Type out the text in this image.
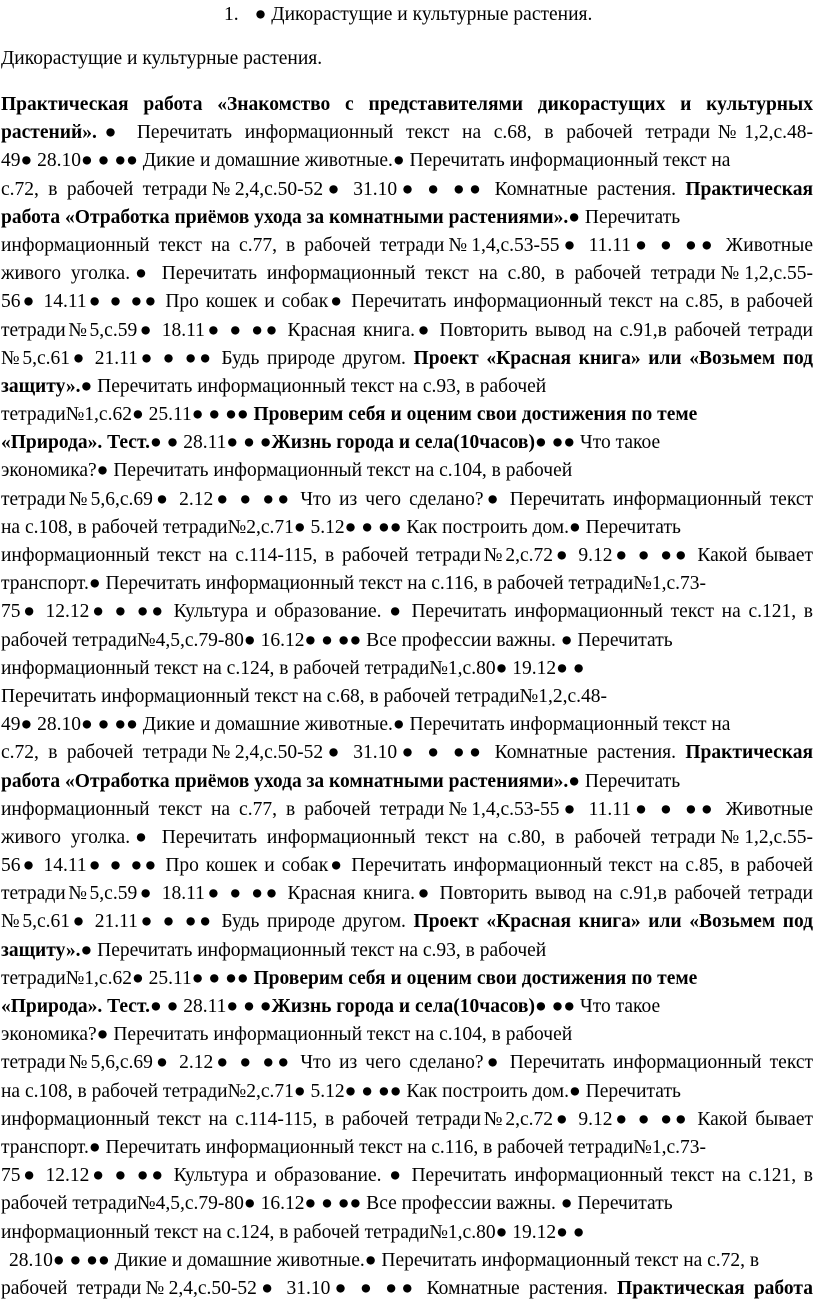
1. ● Дикорастущие и культурные растения.
Дикорастущие и культурные растения.
Практическая работа «Знакомство с представителями дикорастущих и культурных
растений».● Перечитать информационный текст на с.68, в рабочей тетради№1,2,с.48-
49● 28.10● ● ●● Дикие и домашние животные.● Перечитать информационный текст на
с.72, в рабочей тетради№2,4,с.50-52● 31.10● ● ●● Комнатные растения. Практическая
работа «Отработка приёмов ухода за комнатными растениями».● Перечитать
информационный текст на с.77, в рабочей тетради№1,4,с.53-55● 11.11● ● ●● Животные
живого уголка.● Перечитать информационный текст на с.80, в рабочей тетради№1,2,с.55-
56● 14.11● ● ●● Про кошек и собак● Перечитать информационный текст на с.85, в рабочей
тетради№5,с.59● 18.11● ● ●● Красная книга.● Повторить вывод на с.91,в рабочей тетради
№5,с.61● 21.11● ● ●● Будь природе другом. Проект «Красная книга» или «Возьмем под
защиту».● Перечитать информационный текст на с.93, в рабочей
тетради№1,с.62● 25.11● ● ●● Проверим себя и оценим свои достижения по теме
«Природа». Тест.● ● 28.11● ● ●Жизнь города и села(10часов)● ●● Что такое
экономика?● Перечитать информационный текст на с.104, в рабочей
тетради№5,6,с.69● 2.12● ● ●● Что из чего сделано?● Перечитать информационный текст
на с.108, в рабочей тетради№2,с.71● 5.12● ● ●● Как построить дом.● Перечитать
информационный текст на с.114-115, в рабочей тетради№2,с.72● 9.12● ● ●● Какой бывает
транспорт.● Перечитать информационный текст на с.116, в рабочей тетради№1,с.73-
75● 12.12● ● ●● Культура и образование. ● Перечитать информационный текст на с.121, в
рабочей тетради№4,5,с.79-80● 16.12● ● ●● Все профессии важны. ● Перечитать
информационный текст на с.124, в рабочей тетради№1,с.80● 19.12● ●
Перечитать информационный текст на с.68, в рабочей тетради№1,2,с.48-
49● 28.10● ● ●● Дикие и домашние животные.● Перечитать информационный текст на
с.72, в рабочей тетради№2,4,с.50-52● 31.10● ● ●● Комнатные растения. Практическая
работа «Отработка приёмов ухода за комнатными растениями».● Перечитать
информационный текст на с.77, в рабочей тетради№1,4,с.53-55● 11.11● ● ●● Животные
живого уголка.● Перечитать информационный текст на с.80, в рабочей тетради№1,2,с.55-
56● 14.11● ● ●● Про кошек и собак● Перечитать информационный текст на с.85, в рабочей
тетради№5,с.59● 18.11● ● ●● Красная книга.● Повторить вывод на с.91,в рабочей тетради
№5,с.61● 21.11● ● ●● Будь природе другом. Проект «Красная книга» или «Возьмем под
защиту».● Перечитать информационный текст на с.93, в рабочей
тетради№1,с.62● 25.11● ● ●● Проверим себя и оценим свои достижения по теме
«Природа». Тест.● ● 28.11● ● ●Жизнь города и села(10часов)● ●● Что такое
экономика?● Перечитать информационный текст на с.104, в рабочей
тетради№5,6,с.69● 2.12● ● ●● Что из чего сделано?● Перечитать информационный текст
на с.108, в рабочей тетради№2,с.71● 5.12● ● ●● Как построить дом.● Перечитать
информационный текст на с.114-115, в рабочей тетради№2,с.72● 9.12● ● ●● Какой бывает
транспорт.● Перечитать информационный текст на с.116, в рабочей тетради№1,с.73-
75● 12.12● ● ●● Культура и образование. ● Перечитать информационный текст на с.121, в
рабочей тетради№4,5,с.79-80● 16.12● ● ●● Все профессии важны. ● Перечитать
информационный текст на с.124, в рабочей тетради№1,с.80● 19.12● ●
28.10● ● ●● Дикие и домашние животные.● Перечитать информационный текст на с.72, в
рабочей тетради№2,4,с.50-52● 31.10● ● ●● Комнатные растения. Практическая работа
